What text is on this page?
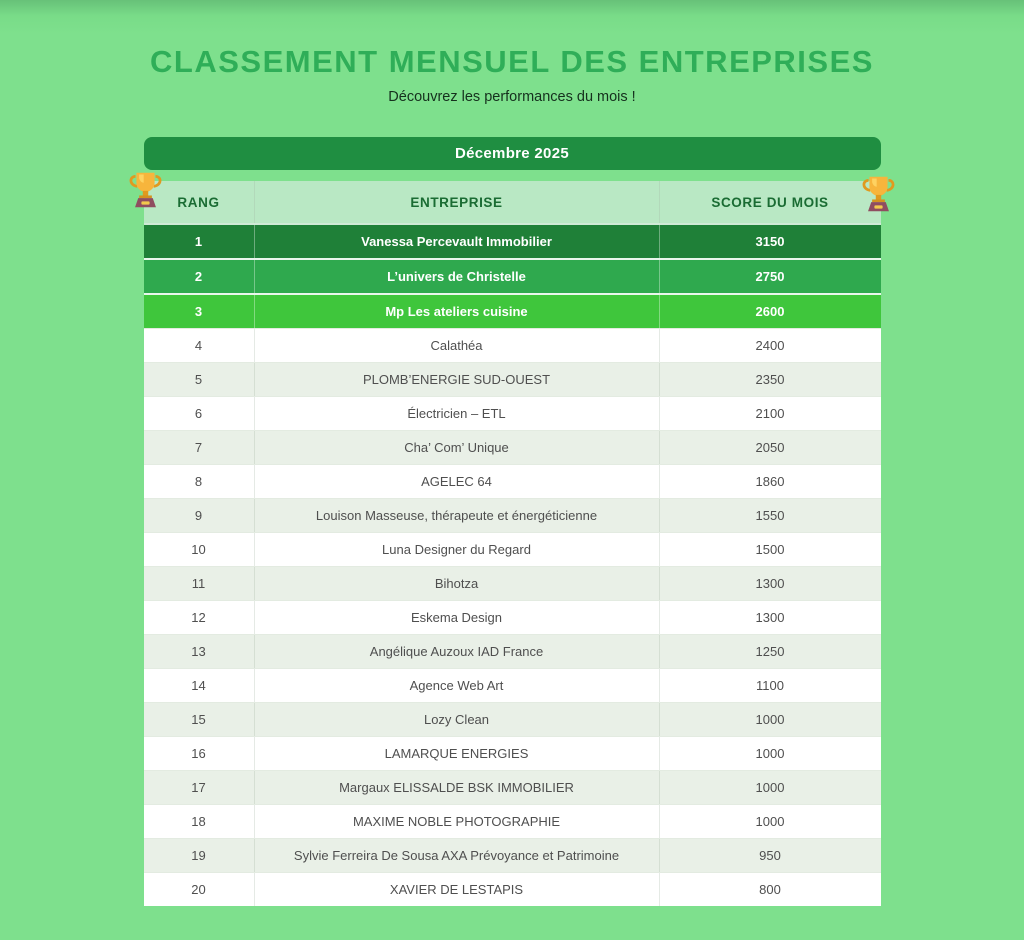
CLASSEMENT MENSUEL DES ENTREPRISES
Découvrez les performances du mois !
Décembre 2025
RANG	ENTREPRISE	SCORE DU MOIS
1	Vanessa Percevault Immobilier	3150
2	L’univers de Christelle	2750
3	Mp Les ateliers cuisine	2600
4	Calathéa	2400
5	PLOMB’ENERGIE SUD-OUEST	2350
6	Électricien – ETL	2100
7	Cha’ Com’ Unique	2050
8	AGELEC 64	1860
9	Louison Masseuse, thérapeute et énergéticienne	1550
10	Luna Designer du Regard	1500
11	Bihotza	1300
12	Eskema Design	1300
13	Angélique Auzoux IAD France	1250
14	Agence Web Art	1100
15	Lozy Clean	1000
16	LAMARQUE ENERGIES	1000
17	Margaux ELISSALDE BSK IMMOBILIER	1000
18	MAXIME NOBLE PHOTOGRAPHIE	1000
19	Sylvie Ferreira De Sousa AXA Prévoyance et Patrimoine	950
20	XAVIER DE LESTAPIS	800
